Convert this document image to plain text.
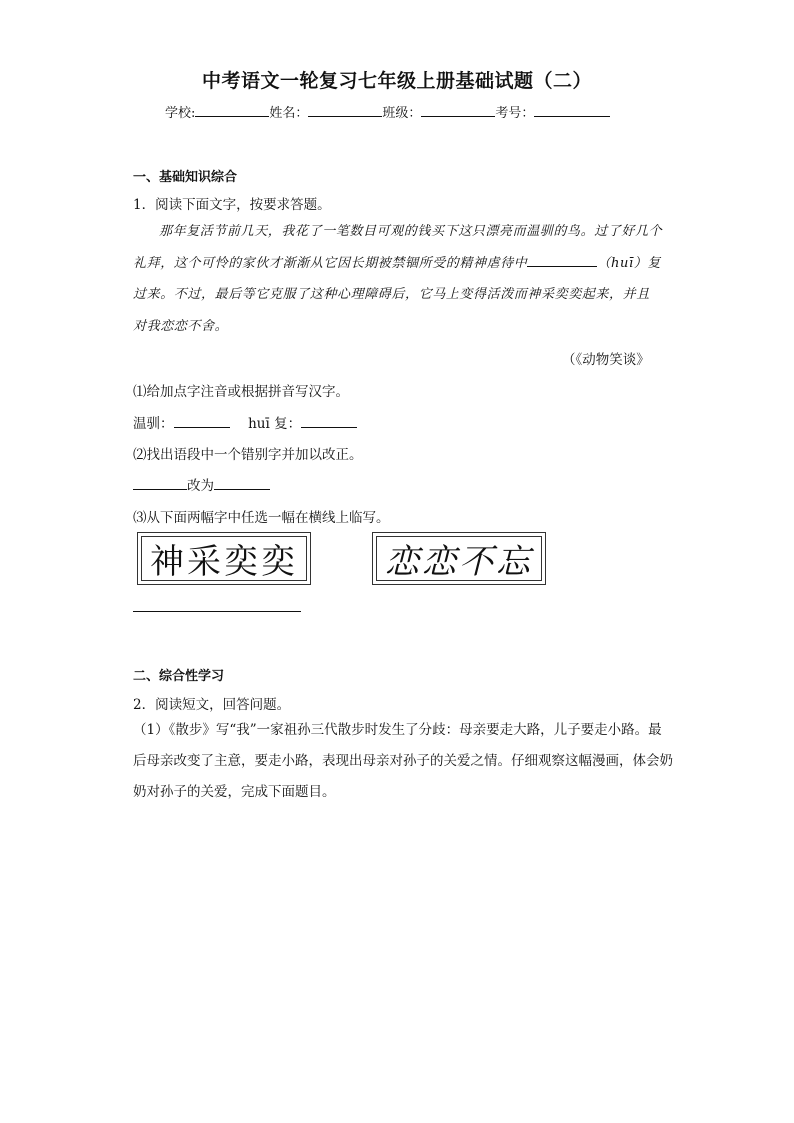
中考语文一轮复习七年级上册基础试题（二）
学校:	姓名：	班级：	考号：
一、基础知识综合
1．阅读下面文字，按要求答题。
那年复活节前几天，我花了一笔数目可观的钱买下这只漂亮而温驯的鸟。过了好几个礼拜，这个可怜的家伙才渐渐从它因长期被禁锢所受的精神虐待中	（huī）复过来。不过，最后等它克服了这种心理障碍后，它马上变得活泼而神采奕奕起来，并且对我恋恋不舍。
（《动物笑谈》
⑴给加点字注音或根据拼音写汉字。
温驯：	huī 复：
⑵找出语段中一个错别字并加以改正。
改为
⑶从下面两幅字中任选一幅在横线上临写。
神采奕奕	恋恋不忘
二、综合性学习
2．阅读短文，回答问题。
（1）《散步》写“我”一家祖孙三代散步时发生了分歧：母亲要走大路，儿子要走小路。最后母亲改变了主意，要走小路，表现出母亲对孙子的关爱之情。仔细观察这幅漫画，体会奶奶对孙子的关爱，完成下面题目。
